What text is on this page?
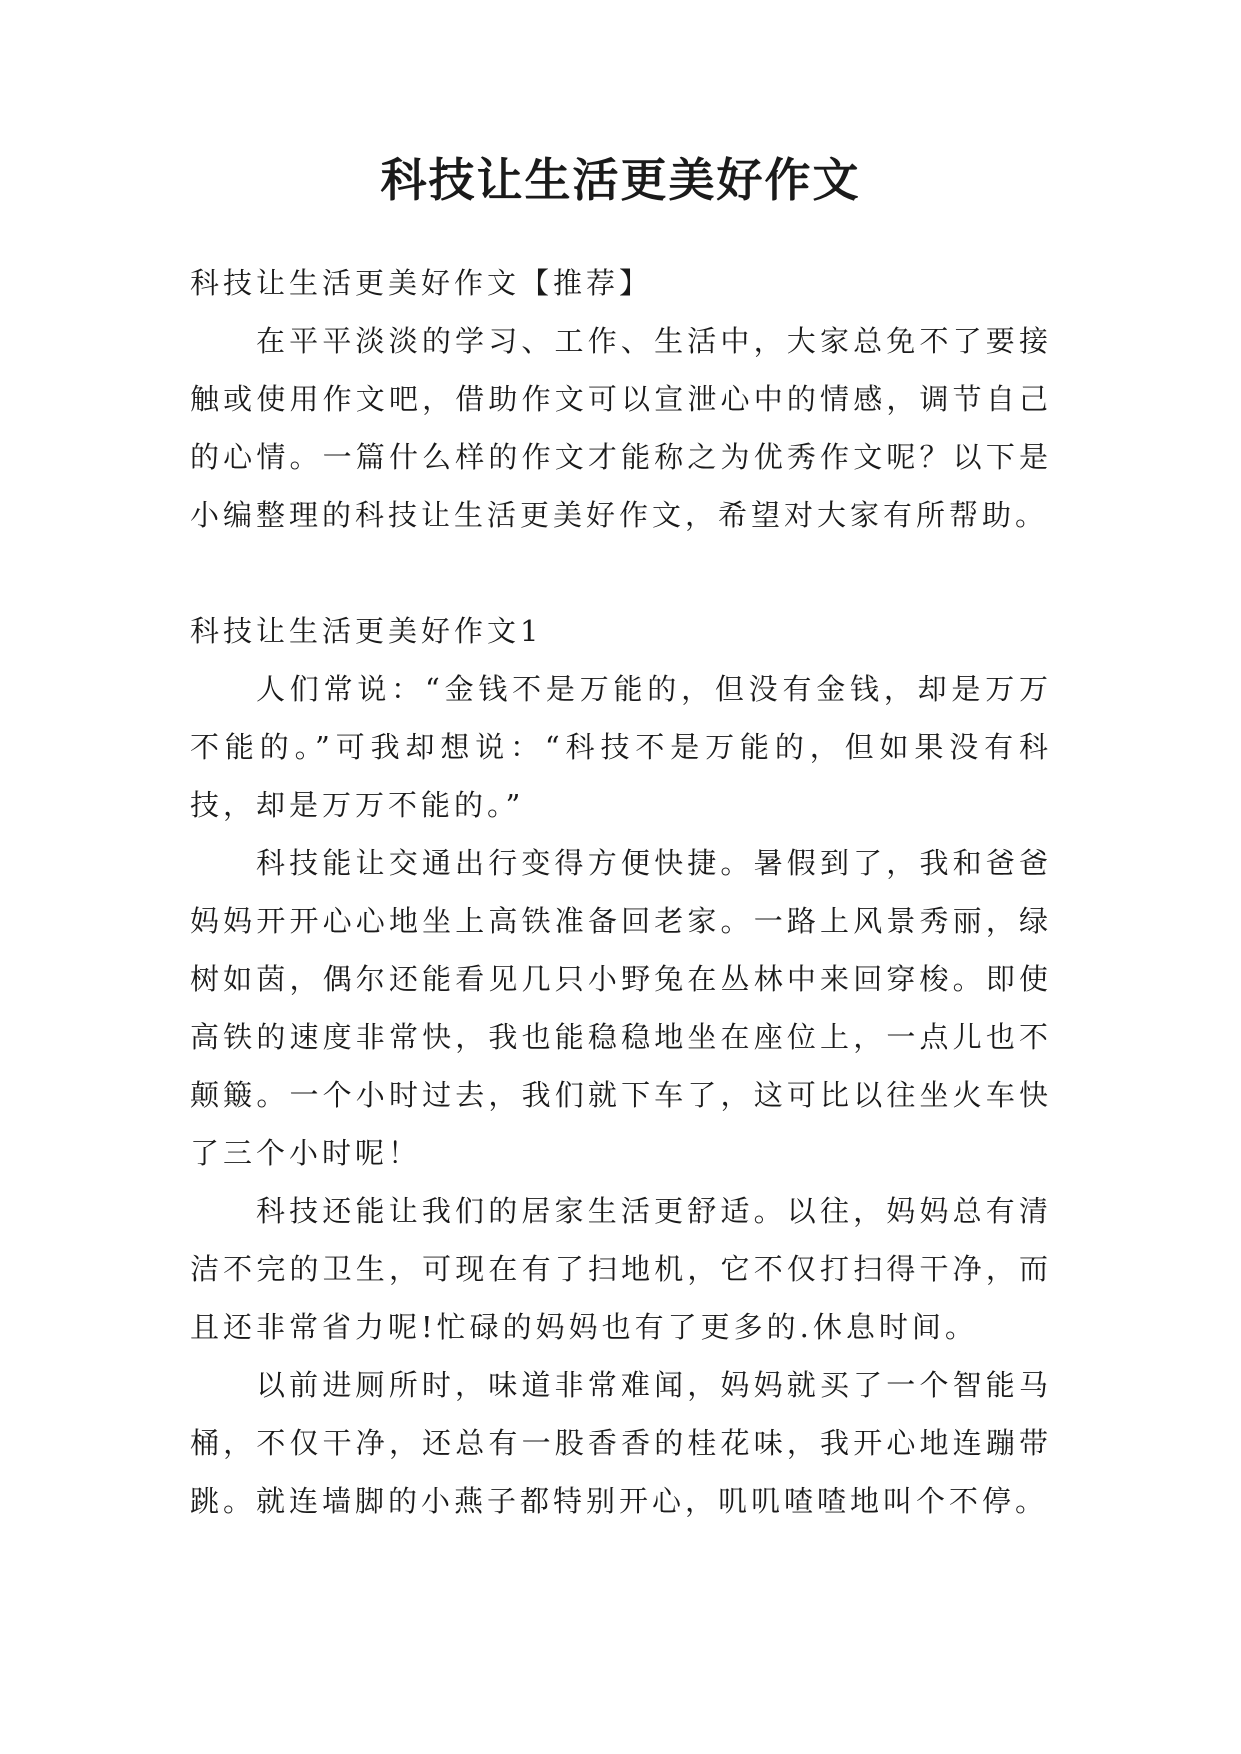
科技让生活更美好作文

科技让生活更美好作文【推荐】

在平平淡淡的学习、工作、生活中，大家总免不了要接触或使用作文吧，借助作文可以宣泄心中的情感，调节自己的心情。一篇什么样的作文才能称之为优秀作文呢？以下是小编整理的科技让生活更美好作文，希望对大家有所帮助。

科技让生活更美好作文1

人们常说：“金钱不是万能的，但没有金钱，却是万万不能的。”可我却想说：“科技不是万能的，但如果没有科技，却是万万不能的。”

科技能让交通出行变得方便快捷。暑假到了，我和爸爸妈妈开开心心地坐上高铁准备回老家。一路上风景秀丽，绿树如茵，偶尔还能看见几只小野兔在丛林中来回穿梭。即使高铁的速度非常快，我也能稳稳地坐在座位上，一点儿也不颠簸。一个小时过去，我们就下车了，这可比以往坐火车快了三个小时呢！

科技还能让我们的居家生活更舒适。以往，妈妈总有清洁不完的卫生，可现在有了扫地机，它不仅打扫得干净，而且还非常省力呢!忙碌的妈妈也有了更多的.休息时间。

以前进厕所时，味道非常难闻，妈妈就买了一个智能马桶，不仅干净，还总有一股香香的桂花味，我开心地连蹦带跳。就连墙脚的小燕子都特别开心，叽叽喳喳地叫个不停。
